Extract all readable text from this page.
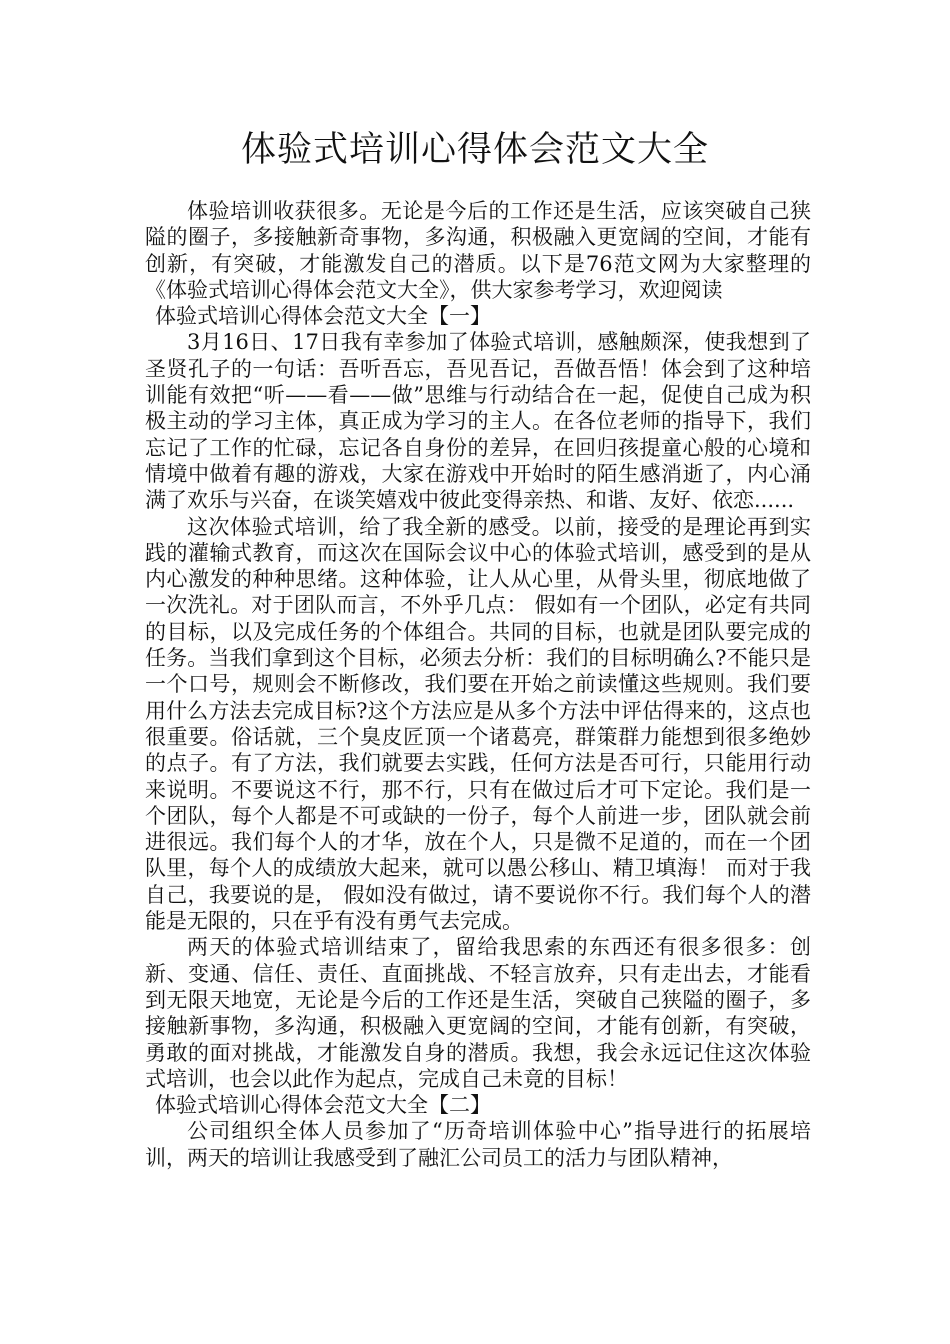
体验式培训心得体会范文大全

体验培训收获很多。无论是今后的工作还是生活，应该突破自己狭隘的圈子，多接触新奇事物，多沟通，积极融入更宽阔的空间，才能有创新，有突破，才能激发自己的潜质。以下是76范文网为大家整理的《体验式培训心得体会范文大全》，供大家参考学习，欢迎阅读

体验式培训心得体会范文大全【一】

3月16日、17日我有幸参加了体验式培训，感触颇深，使我想到了圣贤孔子的一句话：吾听吾忘，吾见吾记，吾做吾悟！体会到了这种培训能有效把“听——看——做”思维与行动结合在一起，促使自己成为积极主动的学习主体，真正成为学习的主人。在各位老师的指导下，我们忘记了工作的忙碌，忘记各自身份的差异，在回归孩提童心般的心境和情境中做着有趣的游戏，大家在游戏中开始时的陌生感消逝了，内心涌满了欢乐与兴奋，在谈笑嬉戏中彼此变得亲热、和谐、友好、依恋......

这次体验式培训，给了我全新的感受。以前，接受的是理论再到实践的灌输式教育，而这次在国际会议中心的体验式培训，感受到的是从内心激发的种种思绪。这种体验，让人从心里，从骨头里，彻底地做了一次洗礼。对于团队而言，不外乎几点： 假如有一个团队，必定有共同的目标，以及完成任务的个体组合。共同的目标，也就是团队要完成的任务。当我们拿到这个目标，必须去分析：我们的目标明确么?不能只是一个口号，规则会不断修改，我们要在开始之前读懂这些规则。我们要用什么方法去完成目标?这个方法应是从多个方法中评估得来的，这点也很重要。俗话就，三个臭皮匠顶一个诸葛亮，群策群力能想到很多绝妙的点子。有了方法，我们就要去实践，任何方法是否可行，只能用行动来说明。不要说这不行，那不行，只有在做过后才可下定论。我们是一个团队，每个人都是不可或缺的一份子，每个人前进一步，团队就会前进很远。我们每个人的才华，放在个人，只是微不足道的，而在一个团队里，每个人的成绩放大起来，就可以愚公移山、精卫填海！ 而对于我自己，我要说的是， 假如没有做过，请不要说你不行。我们每个人的潜能是无限的，只在乎有没有勇气去完成。

两天的体验式培训结束了，留给我思索的东西还有很多很多：创新、变通、信任、责任、直面挑战、不轻言放弃，只有走出去，才能看到无限天地宽，无论是今后的工作还是生活，突破自己狭隘的圈子，多接触新事物，多沟通，积极融入更宽阔的空间，才能有创新，有突破，勇敢的面对挑战，才能激发自身的潜质。我想，我会永远记住这次体验式培训，也会以此作为起点，完成自己未竟的目标！

体验式培训心得体会范文大全【二】

公司组织全体人员参加了“历奇培训体验中心”指导进行的拓展培训，两天的培训让我感受到了融汇公司员工的活力与团队精神，
